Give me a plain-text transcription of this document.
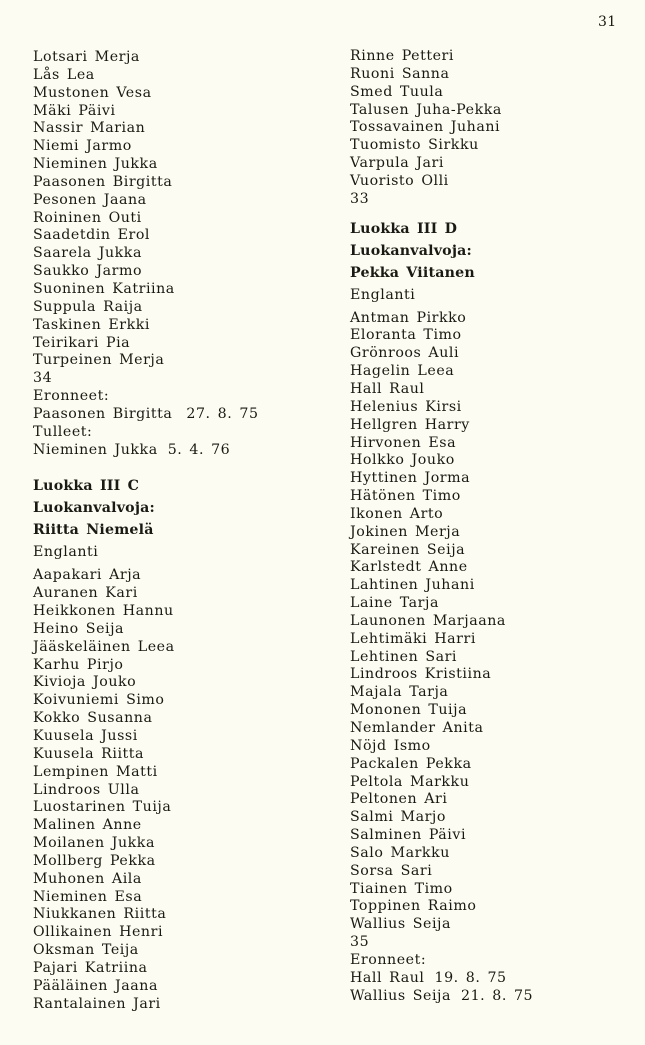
31
Lotsari Merja
Lås Lea
Mustonen Vesa
Mäki Päivi
Nassir Marian
Niemi Jarmo
Nieminen Jukka
Paasonen Birgitta
Pesonen Jaana
Roininen Outi
Saadetdin Erol
Saarela Jukka
Saukko Jarmo
Suoninen Katriina
Suppula Raija
Taskinen Erkki
Teirikari Pia
Turpeinen Merja
34
Eronneet:
Paasonen Birgitta 27. 8. 75
Tulleet:
Nieminen Jukka 5. 4. 76
Luokka III C
Luokanvalvoja:
Riitta Niemelä
Englanti
Aapakari Arja
Auranen Kari
Heikkonen Hannu
Heino Seija
Jääskeläinen Leea
Karhu Pirjo
Kivioja Jouko
Koivuniemi Simo
Kokko Susanna
Kuusela Jussi
Kuusela Riitta
Lempinen Matti
Lindroos Ulla
Luostarinen Tuija
Malinen Anne
Moilanen Jukka
Mollberg Pekka
Muhonen Aila
Nieminen Esa
Niukkanen Riitta
Ollikainen Henri
Oksman Teija
Pajari Katriina
Pääläinen Jaana
Rantalainen Jari
Rinne Petteri
Ruoni Sanna
Smed Tuula
Talusen Juha-Pekka
Tossavainen Juhani
Tuomisto Sirkku
Varpula Jari
Vuoristo Olli
33
Luokka III D
Luokanvalvoja:
Pekka Viitanen
Englanti
Antman Pirkko
Eloranta Timo
Grönroos Auli
Hagelin Leea
Hall Raul
Helenius Kirsi
Hellgren Harry
Hirvonen Esa
Holkko Jouko
Hyttinen Jorma
Hätönen Timo
Ikonen Arto
Jokinen Merja
Kareinen Seija
Karlstedt Anne
Lahtinen Juhani
Laine Tarja
Launonen Marjaana
Lehtimäki Harri
Lehtinen Sari
Lindroos Kristiina
Majala Tarja
Mononen Tuija
Nemlander Anita
Nöjd Ismo
Packalen Pekka
Peltola Markku
Peltonen Ari
Salmi Marjo
Salminen Päivi
Salo Markku
Sorsa Sari
Tiainen Timo
Toppinen Raimo
Wallius Seija
35
Eronneet:
Hall Raul 19. 8. 75
Wallius Seija 21. 8. 75
